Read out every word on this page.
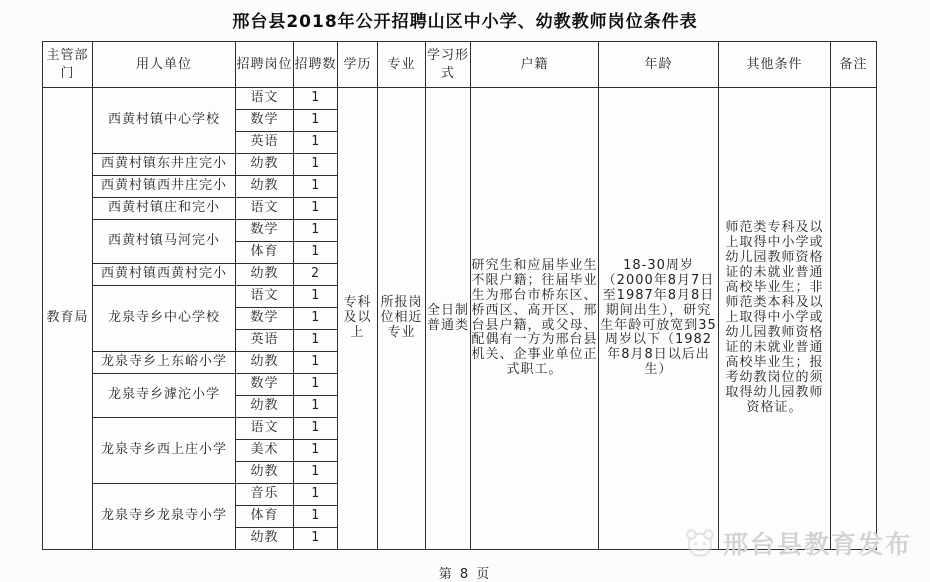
邢台县2018年公开招聘山区中小学、幼教教师岗位条件表
主管部门	用人单位	招聘岗位	招聘数	学历	专业	学习形式	户籍	年龄	其他条件	备注
教育局	西黄村镇中心学校	语文	1	专科及以上	所报岗位相近专业	全日制普通类	研究生和应届毕业生不限户籍；往届毕业生为邢台市桥东区、桥西区、高开区、邢台县户籍，或父母、配偶有一方为邢台县机关、企事业单位正式职工。	18-30周岁（2000年8月7日至1987年8月8日期间出生），研究生年龄可放宽到35周岁以下（1982年8月8日以后出生）	师范类专科及以上取得中小学或幼儿园教师资格证的未就业普通高校毕业生；非师范类本科及以上取得中小学或幼儿园教师资格证的未就业普通高校毕业生；报考幼教岗位的须取得幼儿园教师资格证。	
		数学	1							
		英语	1							
	西黄村镇东井庄完小	幼教	1							
	西黄村镇西井庄完小	幼教	1							
	西黄村镇庄和完小	语文	1							
	西黄村镇马河完小	数学	1							
		体育	1							
	西黄村镇西黄村完小	幼教	2							
	龙泉寺乡中心学校	语文	1							
		数学	1							
		英语	1							
	龙泉寺乡上东峪小学	幼教	1							
	龙泉寺乡滹沱小学	数学	1							
		幼教	1							
	龙泉寺乡西上庄小学	语文	1							
		美术	1							
		幼教	1							
	龙泉寺乡龙泉寺小学	音乐	1							
		体育	1							
		幼教	1							
第 8 页
邢台县教育发布
